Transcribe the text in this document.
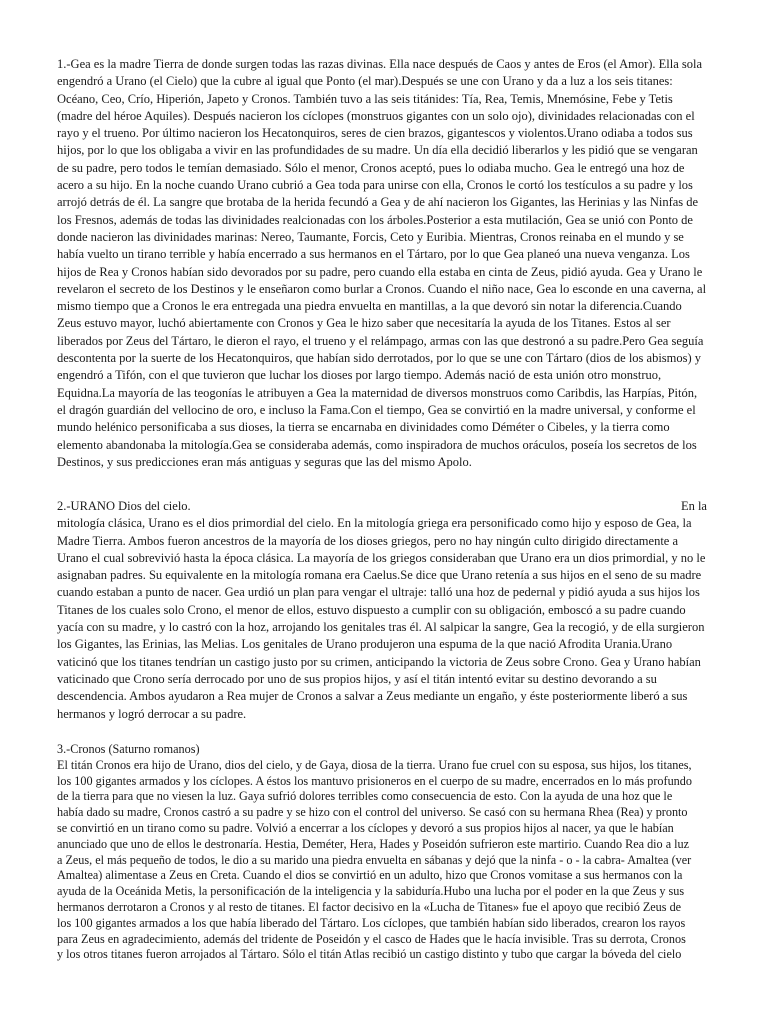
1.-Gea es la madre Tierra de donde surgen todas las razas divinas. Ella nace después de Caos y antes de Eros (el Amor). Ella sola
engendró a Urano (el Cielo) que la cubre al igual que Ponto (el mar).Después se une con Urano y da a luz a los seis titanes:
Océano, Ceo, Crío, Hiperión, Japeto y Cronos. También tuvo a las seis titánides: Tía, Rea, Temis, Mnemósine, Febe y Tetis
(madre del héroe Aquiles). Después nacieron los cíclopes (monstruos gigantes con un solo ojo), divinidades relacionadas con el
rayo y el trueno. Por último nacieron los Hecatonquiros, seres de cien brazos, gigantescos y violentos.Urano odiaba a todos sus
hijos, por lo que los obligaba a vivir en las profundidades de su madre. Un día ella decidió liberarlos y les pidió que se vengaran
de su padre, pero todos le temían demasiado. Sólo el menor, Cronos aceptó, pues lo odiaba mucho. Gea le entregó una hoz de
acero a su hijo. En la noche cuando Urano cubrió a Gea toda para unirse con ella, Cronos le cortó los testículos a su padre y los
arrojó detrás de él. La sangre que brotaba de la herida fecundó a Gea y de ahí nacieron los Gigantes, las Herinias y las Ninfas de
los Fresnos, además de todas las divinidades realcionadas con los árboles.Posterior a esta mutilación, Gea se unió con Ponto de
donde nacieron las divinidades marinas: Nereo, Taumante, Forcis, Ceto y Euribia. Mientras, Cronos reinaba en el mundo y se
había vuelto un tirano terrible y había encerrado a sus hermanos en el Tártaro, por lo que Gea planeó una nueva venganza. Los
hijos de Rea y Cronos habían sido devorados por su padre, pero cuando ella estaba en cinta de Zeus, pidió ayuda. Gea y Urano le
revelaron el secreto de los Destinos y le enseñaron como burlar a Cronos. Cuando el niño nace, Gea lo esconde en una caverna, al
mismo tiempo que a Cronos le era entregada una piedra envuelta en mantillas, a la que devoró sin notar la diferencia.Cuando
Zeus estuvo mayor, luchó abiertamente con Cronos y Gea le hizo saber que necesitaría la ayuda de los Titanes. Estos al ser
liberados por Zeus del Tártaro, le dieron el rayo, el trueno y el relámpago, armas con las que destronó a su padre.Pero Gea seguía
descontenta por la suerte de los Hecatonquiros, que habían sido derrotados, por lo que se une con Tártaro (dios de los abismos) y
engendró a Tifón, con el que tuvieron que luchar los dioses por largo tiempo. Además nació de esta unión otro monstruo,
Equidna.La mayoría de las teogonías le atribuyen a Gea la maternidad de diversos monstruos como Caribdis, las Harpías, Pitón,
el dragón guardián del vellocino de oro, e incluso la Fama.Con el tiempo, Gea se convirtió en la madre universal, y conforme el
mundo helénico personificaba a sus dioses, la tierra se encarnaba en divinidades como Déméter o Cibeles, y la tierra como
elemento abandonaba la mitología.Gea se consideraba además, como inspiradora de muchos oráculos, poseía los secretos de los
Destinos, y sus predicciones eran más antiguas y seguras que las del mismo Apolo.
2.-URANO Dios del cielo.	En la
mitología clásica, Urano es el dios primordial del cielo. En la mitología griega era personificado como hijo y esposo de Gea, la
Madre Tierra. Ambos fueron ancestros de la mayoría de los dioses griegos, pero no hay ningún culto dirigido directamente a
Urano el cual sobrevivió hasta la época clásica. La mayoría de los griegos consideraban que Urano era un dios primordial, y no le
asignaban padres. Su equivalente en la mitología romana era Caelus.Se dice que Urano retenía a sus hijos en el seno de su madre
cuando estaban a punto de nacer. Gea urdió un plan para vengar el ultraje: talló una hoz de pedernal y pidió ayuda a sus hijos los
Titanes de los cuales solo Crono, el menor de ellos, estuvo dispuesto a cumplir con su obligación, emboscó a su padre cuando
yacía con su madre, y lo castró con la hoz, arrojando los genitales tras él. Al salpicar la sangre, Gea la recogió, y de ella surgieron
los Gigantes, las Erinias, las Melias. Los genitales de Urano produjeron una espuma de la que nació Afrodita Urania.Urano
vaticinó que los titanes tendrían un castigo justo por su crimen, anticipando la victoria de Zeus sobre Crono. Gea y Urano habían
vaticinado que Crono sería derrocado por uno de sus propios hijos, y así el titán intentó evitar su destino devorando a su
descendencia. Ambos ayudaron a Rea mujer de Cronos a salvar a Zeus mediante un engaño, y éste posteriormente liberó a sus
hermanos y logró derrocar a su padre.
3.-Cronos (Saturno romanos)
El titán Cronos era hijo de Urano, dios del cielo, y de Gaya, diosa de la tierra. Urano fue cruel con su esposa, sus hijos, los titanes,
los 100 gigantes armados y los cíclopes. A éstos los mantuvo prisioneros en el cuerpo de su madre, encerrados en lo más profundo
de la tierra para que no viesen la luz. Gaya sufrió dolores terribles como consecuencia de esto. Con la ayuda de una hoz que le
había dado su madre, Cronos castró a su padre y se hizo con el control del universo. Se casó con su hermana Rhea (Rea) y pronto
se convirtió en un tirano como su padre. Volvió a encerrar a los cíclopes y devoró a sus propios hijos al nacer, ya que le habían
anunciado que uno de ellos le destronaría. Hestia, Deméter, Hera, Hades y Poseidón sufrieron este martirio. Cuando Rea dio a luz
a Zeus, el más pequeño de todos, le dio a su marido una piedra envuelta en sábanas y dejó que la ninfa - o - la cabra- Amaltea (ver
Amaltea) alimentase a Zeus en Creta. Cuando el dios se convirtió en un adulto, hizo que Cronos vomitase a sus hermanos con la
ayuda de la Oceánida Metis, la personificación de la inteligencia y la sabiduría.Hubo una lucha por el poder en la que Zeus y sus
hermanos derrotaron a Cronos y al resto de titanes. El factor decisivo en la «Lucha de Titanes» fue el apoyo que recibió Zeus de
los 100 gigantes armados a los que había liberado del Tártaro. Los cíclopes, que también habían sido liberados, crearon los rayos
para Zeus en agradecimiento, además del tridente de Poseidón y el casco de Hades que le hacía invisible. Tras su derrota, Cronos
y los otros titanes fueron arrojados al Tártaro. Sólo el titán Atlas recibió un castigo distinto y tubo que cargar la bóveda del cielo
